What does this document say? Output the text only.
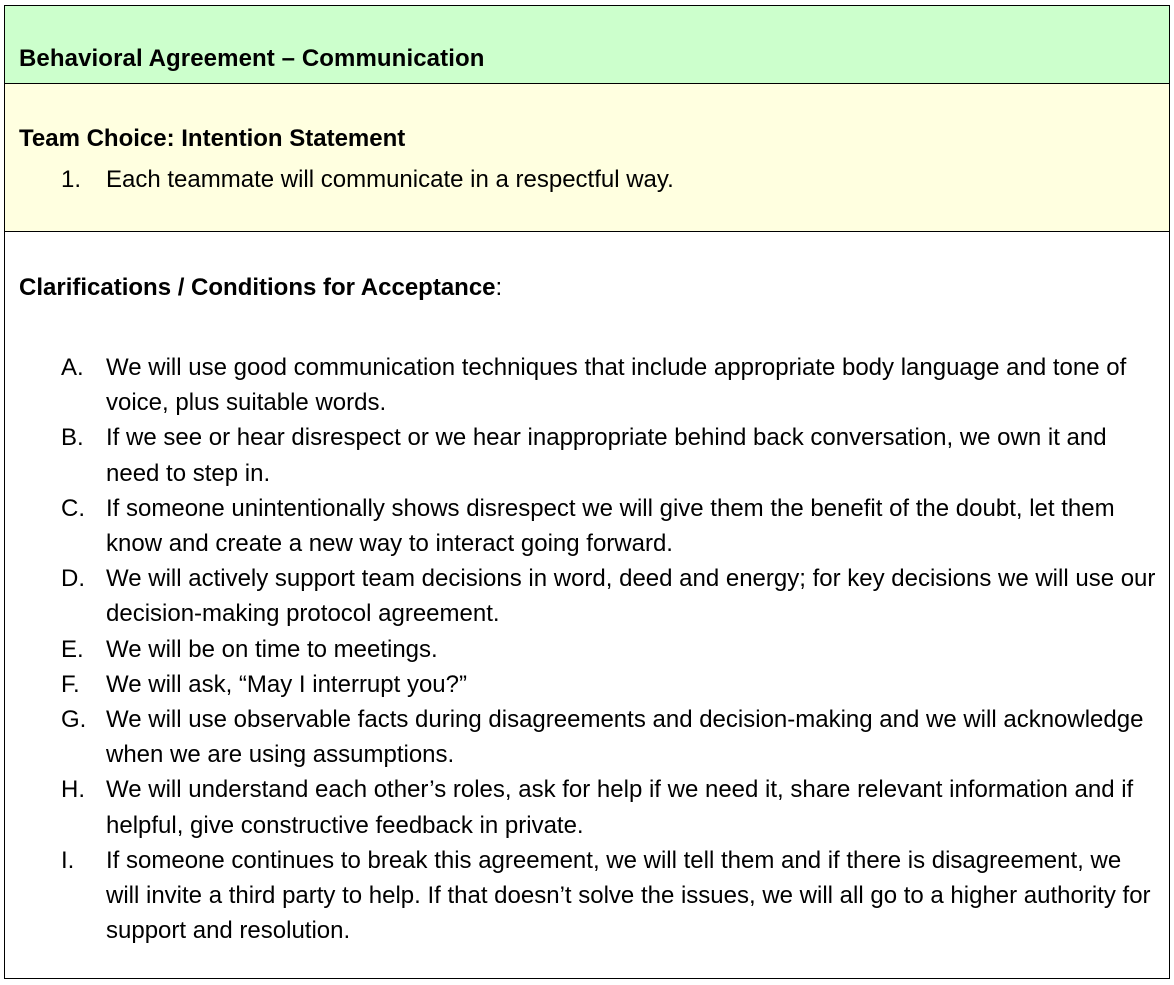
Behavioral Agreement – Communication
Team Choice: Intention Statement
1.	Each teammate will communicate in a respectful way.
Clarifications / Conditions for Acceptance:
A. We will use good communication techniques that include appropriate body language and tone of voice, plus suitable words.
B. If we see or hear disrespect or we hear inappropriate behind back conversation, we own it and need to step in.
C. If someone unintentionally shows disrespect we will give them the benefit of the doubt, let them know and create a new way to interact going forward.
D. We will actively support team decisions in word, deed and energy; for key decisions we will use our decision-making protocol agreement.
E. We will be on time to meetings.
F.	We will ask, “May I interrupt you?”
G. We will use observable facts during disagreements and decision-making and we will acknowledge when we are using assumptions.
H. We will understand each other’s roles, ask for help if we need it, share relevant information and if helpful, give constructive feedback in private.
I.	If someone continues to break this agreement, we will tell them and if there is disagreement, we will invite a third party to help. If that doesn’t solve the issues, we will all go to a higher authority for support and resolution.
